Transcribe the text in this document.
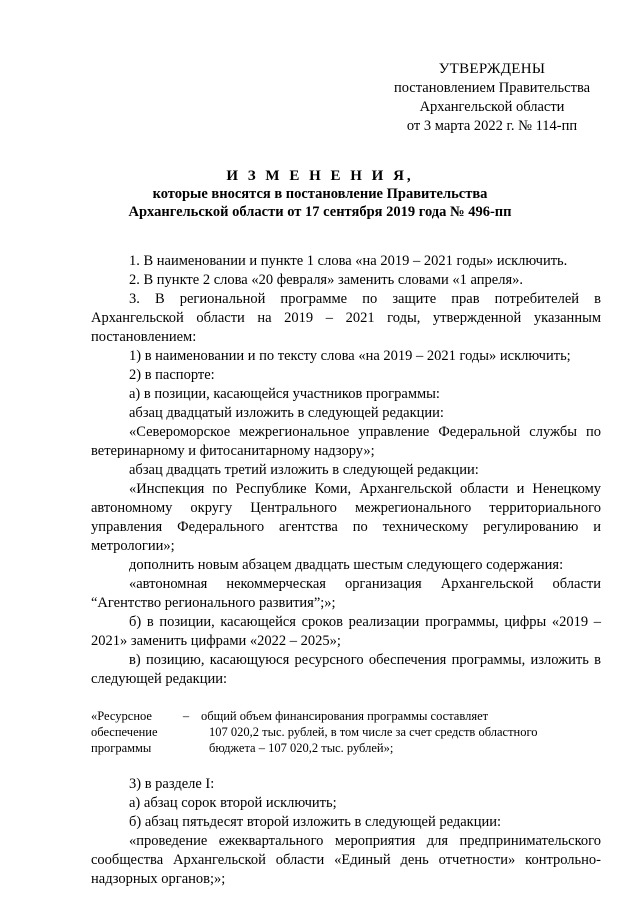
УТВЕРЖДЕНЫ
постановлением Правительства
Архангельской области
от 3 марта 2022 г. № 114-пп
И З М Е Н Е Н И Я,
которые вносятся в постановление Правительства
Архангельской области от 17 сентября 2019 года № 496-пп

1. В наименовании и пункте 1 слова «на 2019 – 2021 годы» исключить.

2. В пункте 2 слова «20 февраля» заменить словами «1 апреля».

3. В региональной программе по защите прав потребителей в Архангельской области на 2019 – 2021 годы, утвержденной указанным постановлением:

1) в наименовании и по тексту слова «на 2019 – 2021 годы» исключить;

2) в паспорте:

а) в позиции, касающейся участников программы:

абзац двадцатый изложить в следующей редакции:

«Североморское межрегиональное управление Федеральной службы по ветеринарному и фитосанитарному надзору»;

абзац двадцать третий изложить в следующей редакции:

«Инспекция по Республике Коми, Архангельской области и Ненецкому автономному округу Центрального межрегионального территориального управления Федерального агентства по техническому регулированию и метрологии»;

дополнить новым абзацем двадцать шестым следующего содержания:

«автономная некоммерческая организация Архангельской области “Агентство регионального развития”;»;

б) в позиции, касающейся сроков реализации программы, цифры «2019 – 2021» заменить цифрами «2022 – 2025»;

в) позицию, касающуюся ресурсного обеспечения программы, изложить в следующей редакции:

«Ресурсное
обеспечение
программы
– общий объем финансирования программы составляет
107 020,2 тыс. рублей, в том числе за счет средств областного
бюджета – 107 020,2 тыс. рублей»;

3) в разделе I:

а) абзац сорок второй исключить;

б) абзац пятьдесят второй изложить в следующей редакции:

«проведение ежеквартального мероприятия для предпринимательского сообщества Архангельской области «Единый день отчетности» контрольно-надзорных органов;»;
